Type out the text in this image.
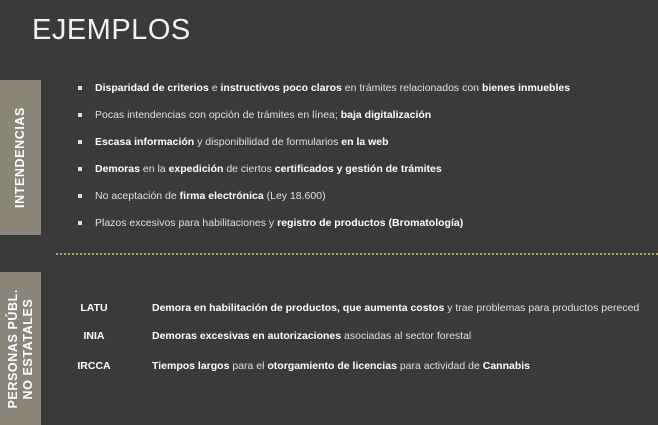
EJEMPLOS
INTENDENCIAS
Disparidad de criterios e instructivos poco claros en trámites relacionados con bienes inmuebles
Pocas intendencias con opción de trámites en línea; baja digitalización
Escasa información y disponibilidad de formularios en la web
Demoras en la expedición de ciertos certificados y gestión de trámites
No aceptación de firma electrónica (Ley 18.600)
Plazos excesivos para habilitaciones y registro de productos (Bromatología)
PERSONAS PÚBL.
NO ESTATALES	LATU	Demora en habilitación de productos, que aumenta costos y trae problemas para productos pereced
INIA	Demoras excesivas en autorizaciones asociadas al sector forestal
IRCCA	Tiempos largos para el otorgamiento de licencias para actividad de Cannabis
